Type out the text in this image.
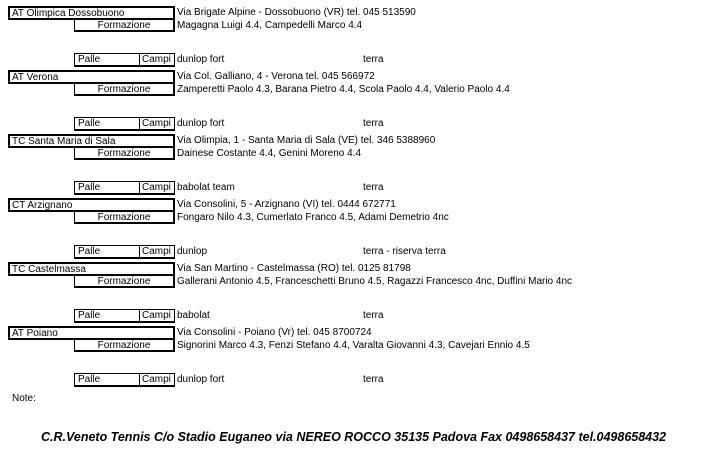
AT Olimpica Dossobuono	Via Brigate Alpine - Dossobuono (VR) tel. 045 513590
Formazione	Magagna Luigi 4.4, Campedelli Marco 4.4
Palle	Campi dunlop fort	terra
AT Verona	Via Col. Galliano, 4 - Verona tel. 045 566972
Formazione	Zamperetti Paolo 4.3, Barana Pietro 4.4, Scola Paolo 4.4, Valerio Paolo 4.4
Palle	Campi dunlop fort	terra
TC Santa Maria di Sala	Via Olimpia, 1 - Santa Maria di Sala (VE) tel. 346 5388960
Formazione	Dainese Costante 4.4, Genini Moreno 4.4
Palle	Campi babolat team	terra
CT Arzignano	Via Consolini, 5 - Arzignano (VI) tel. 0444 672771
Formazione	Fongaro Nilo 4.3, Cumerlato Franco 4.5, Adami Demetrio 4nc
Palle	Campi dunlop	terra - riserva terra
TC Castelmassa	Via San Martino - Castelmassa (RO) tel. 0125 81798
Formazione	Gallerani Antonio 4.5, Franceschetti Bruno 4.5, Ragazzi Francesco 4nc, Duffini Mario 4nc
Palle	Campi babolat	terra
AT Poiano	Via Consolini - Poiano (Vr) tel. 045 8700724
Formazione	Signorini Marco 4.3, Fenzi Stefano 4.4, Varalta Giovanni 4.3, Cavejari Ennio 4.5
Palle	Campi dunlop fort	terra
Note:
C.R.Veneto Tennis C/o Stadio Euganeo via NEREO ROCCO 35135 Padova Fax 0498658437 tel.0498658432
